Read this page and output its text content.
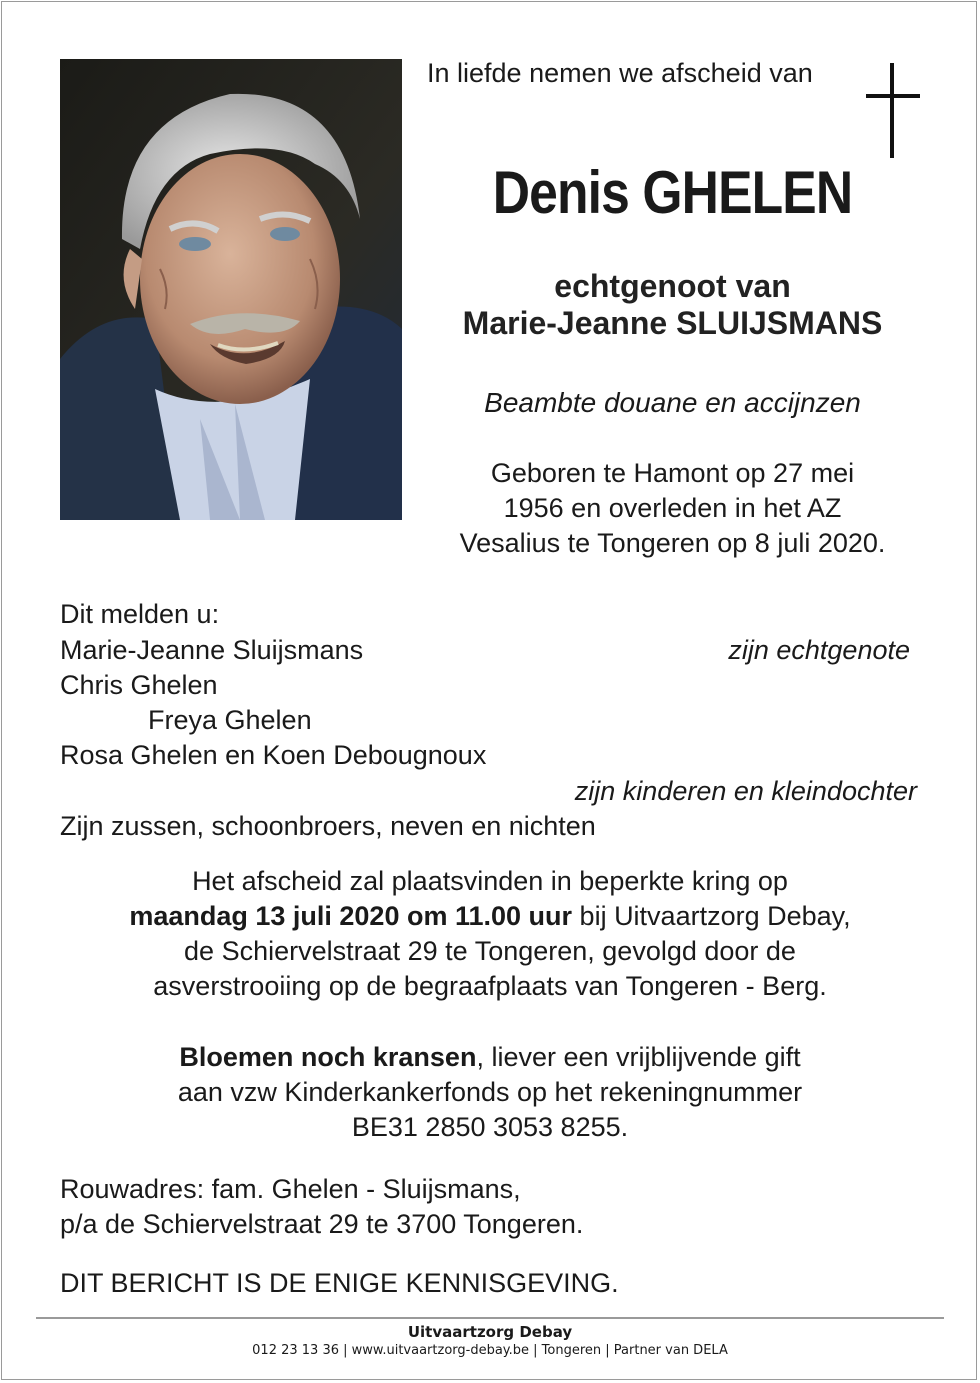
In liefde nemen we afscheid van
Denis GHELEN
echtgenoot van
Marie-Jeanne SLUIJSMANS
Beambte douane en accijnzen
Geboren te Hamont op 27 mei
1956 en overleden in het AZ
Vesalius te Tongeren op 8 juli 2020.
Dit melden u:
Marie-Jeanne Sluijsmans	zijn echtgenote
Chris Ghelen
Freya Ghelen
Rosa Ghelen en Koen Debougnoux
zijn kinderen en kleindochter
Zijn zussen, schoonbroers, neven en nichten
Het afscheid zal plaatsvinden in beperkte kring op
maandag 13 juli 2020 om 11.00 uur bij Uitvaartzorg Debay,
de Schiervelstraat 29 te Tongeren, gevolgd door de
asverstrooiing op de begraafplaats van Tongeren - Berg.
Bloemen noch kransen, liever een vrijblijvende gift
aan vzw Kinderkankerfonds op het rekeningnummer
BE31 2850 3053 8255.
Rouwadres: fam. Ghelen - Sluijsmans,
p/a de Schiervelstraat 29 te 3700 Tongeren.
DIT BERICHT IS DE ENIGE KENNISGEVING.
Uitvaartzorg Debay
012 23 13 36 | www.uitvaartzorg-debay.be | Tongeren | Partner van DELA
